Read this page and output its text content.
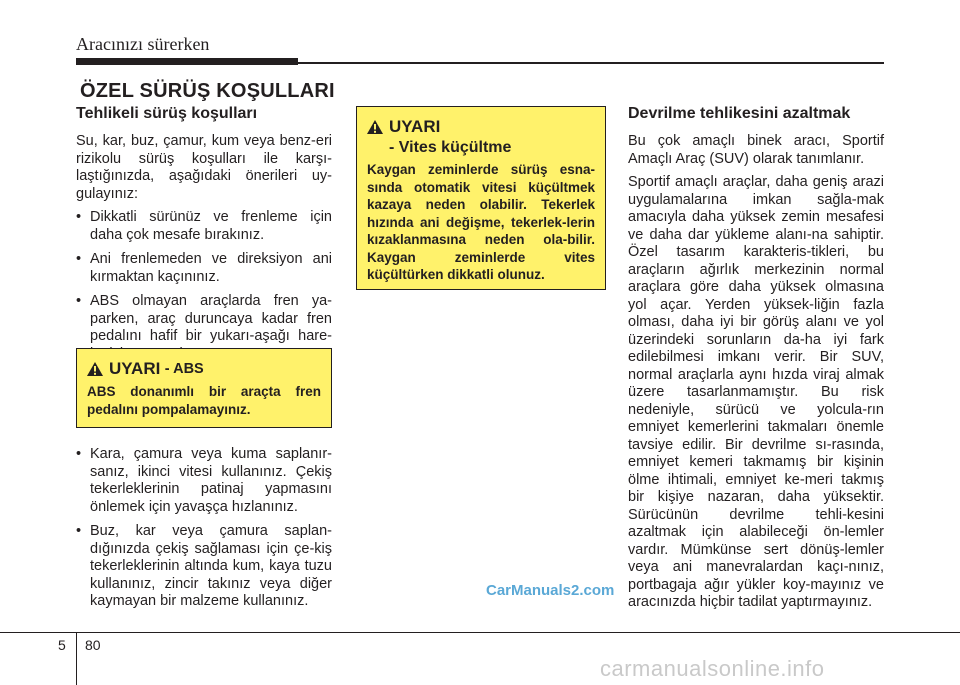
Aracınızı sürerken
ÖZEL SÜRÜŞ KOŞULLARI
Tehlikeli sürüş koşulları

Su, kar, buz, çamur, kum veya benz-eri rizikolu sürüş koşulları ile karşı-laştığınızda, aşağıdaki önerileri uy-gulayınız:

• Dikkatli sürünüz ve frenleme için daha çok mesafe bırakınız.
• Ani frenlemeden ve direksiyon ani kırmaktan kaçınınız.
• ABS olmayan araçlarda fren ya-parken, araç duruncaya kadar fren pedalını hafif bir yukarı-aşağı hare-
UYARI
- ABS
ABS donanımlı bir araçta fren pedalını pompalamayınız.
• Kara, çamura veya kuma saplanır-sanız, ikinci vitesi kullanınız. Çekiş tekerleklerinin patinaj yapmasını önlemek için yavaşça hızlanınız.
• Buz, kar veya çamura saplan-dığınızda çekiş sağlaması için çe-kiş tekerleklerinin altında kum, kaya tuzu kullanınız, zincir takınız veya diğer kaymayan bir malzeme kullanınız.
UYARI
- Vites küçültme
Kaygan zeminlerde sürüş esna-sında otomatik vitesi küçültmek kazaya neden olabilir. Tekerlek hızında ani değişme, tekerlek-lerin kızaklanmasına neden ola-bilir. Kaygan zeminlerde vites küçültürken dikkatli olunuz.
Devrilme tehlikesini azaltmak

Bu çok amaçlı binek aracı, Sportif Amaçlı Araç (SUV) olarak tanımlanır.

Sportif amaçlı araçlar, daha geniş arazi uygulamalarına imkan sağla-mak amacıyla daha yüksek zemin mesafesi ve daha dar yükleme alanı-na sahiptir. Özel tasarım karakteris-tikleri, bu araçların ağırlık merkezinin normal araçlara göre daha yüksek olmasına yol açar. Yerden yüksek-liğin fazla olması, daha iyi bir görüş alanı ve yol üzerindeki sorunların da-ha iyi fark edilebilmesi imkanı verir. Bir SUV, normal araçlarla aynı hızda viraj almak üzere tasarlanmamıştır. Bu risk nedeniyle, sürücü ve yolcula-rın emniyet kemerlerini takmaları önemle tavsiye edilir. Bir devrilme sı-rasında, emniyet kemeri takmamış bir kişinin ölme ihtimali, emniyet ke-meri takmış bir kişiye nazaran, daha yüksektir. Sürücünün devrilme tehli-kesini azaltmak için alabileceği ön-lemler vardır. Mümkünse sert dönüş-lemler veya ani manevralardan kaçı-nınız, portbagaja ağır yükler koy-mayınız ve aracınızda hiçbir tadilat yaptırmayınız.

CarManuals2.com
5 80
carmanualsonline.info
